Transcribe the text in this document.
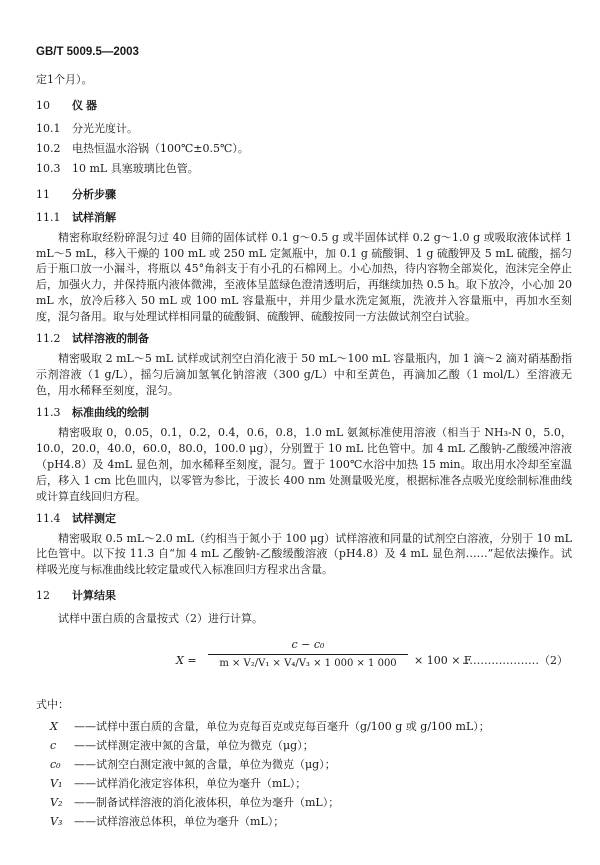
GB/T 5009.5—2003

定1个月）。

10 仪 器
10.1 分光光度计。
10.2 电热恒温水浴锅（100℃±0.5℃）。
10.3 10 mL 具塞玻璃比色管。
11 分析步骤
11.1 试样消解

精密称取经粉碎混匀过 40 目筛的固体试样 0.1 g～0.5 g 或半固体试样 0.2 g～1.0 g 或吸取液体试样 1 mL～5 mL，移入干燥的 100 mL 或 250 mL 定氮瓶中，加 0.1 g 硫酸铜、1 g 硫酸钾及 5 mL 硫酸，摇匀后于瓶口放一小漏斗，将瓶以 45°角斜支于有小孔的石棉网上。小心加热，待内容物全部炭化，泡沫完全停止后，加强火力，并保持瓶内液体微沸，至液体呈蓝绿色澄清透明后，再继续加热 0.5 h。取下放冷，小心加 20 mL 水，放冷后移入 50 mL 或 100 mL 容量瓶中，并用少量水洗定氮瓶，洗液并入容量瓶中，再加水至刻度，混匀备用。取与处理试样相同量的硫酸铜、硫酸钾、硫酸按同一方法做试剂空白试验。

11.2 试样溶液的制备

精密吸取 2 mL～5 mL 试样或试剂空白消化液于 50 mL～100 mL 容量瓶内，加 1 滴～2 滴对硝基酚指示剂溶液（1 g/L），摇匀后滴加氢氧化钠溶液（300 g/L）中和至黄色，再滴加乙酸（1 mol/L）至溶液无色，用水稀释至刻度，混匀。

11.3 标准曲线的绘制

精密吸取 0，0.05，0.1，0.2，0.4，0.6，0.8，1.0 mL 氨氮标准使用溶液（相当于 NH₃-N 0，5.0，10.0，20.0，40.0，60.0，80.0，100.0 μg），分别置于 10 mL 比色管中。加 4 mL 乙酸钠-乙酸缓冲溶液（pH4.8）及 4mL 显色剂，加水稀释至刻度，混匀。置于 100℃水浴中加热 15 min。取出用水冷却至室温后，移入 1 cm 比色皿内，以零管为参比，于波长 400 nm 处测量吸光度，根据标准各点吸光度绘制标准曲线或计算直线回归方程。

11.4 试样测定

精密吸取 0.5 mL～2.0 mL（约相当于氮小于 100 μg）试样溶液和同量的试剂空白溶液，分别于 10 mL 比色管中。以下按 11.3 自“加 4 mL 乙酸钠-乙酸缓酸溶液（pH4.8）及 4 mL 显色剂……”起依法操作。试样吸光度与标准曲线比较定量或代入标准回归方程求出含量。

12 计算结果

试样中蛋白质的含量按式（2）进行计算。

$X = \frac{\text{c − c₀}}{\text{m × V₂/V₁ × V₄/V₃ × 1 000 × 1 000}} \times 100 \times F$
…………………（2）

式中：

X ——试样中蛋白质的含量，单位为克每百克或克每百毫升（g/100 g 或 g/100 mL）；
c ——试样测定液中氮的含量，单位为微克（μg）；
c₀ ——试剂空白测定液中氮的含量，单位为微克（μg）；
V₁ ——试样消化液定容体积，单位为毫升（mL）；
V₂ ——制备试样溶液的消化液体积，单位为毫升（mL）；
V₃ ——试样溶液总体积，单位为毫升（mL）；
